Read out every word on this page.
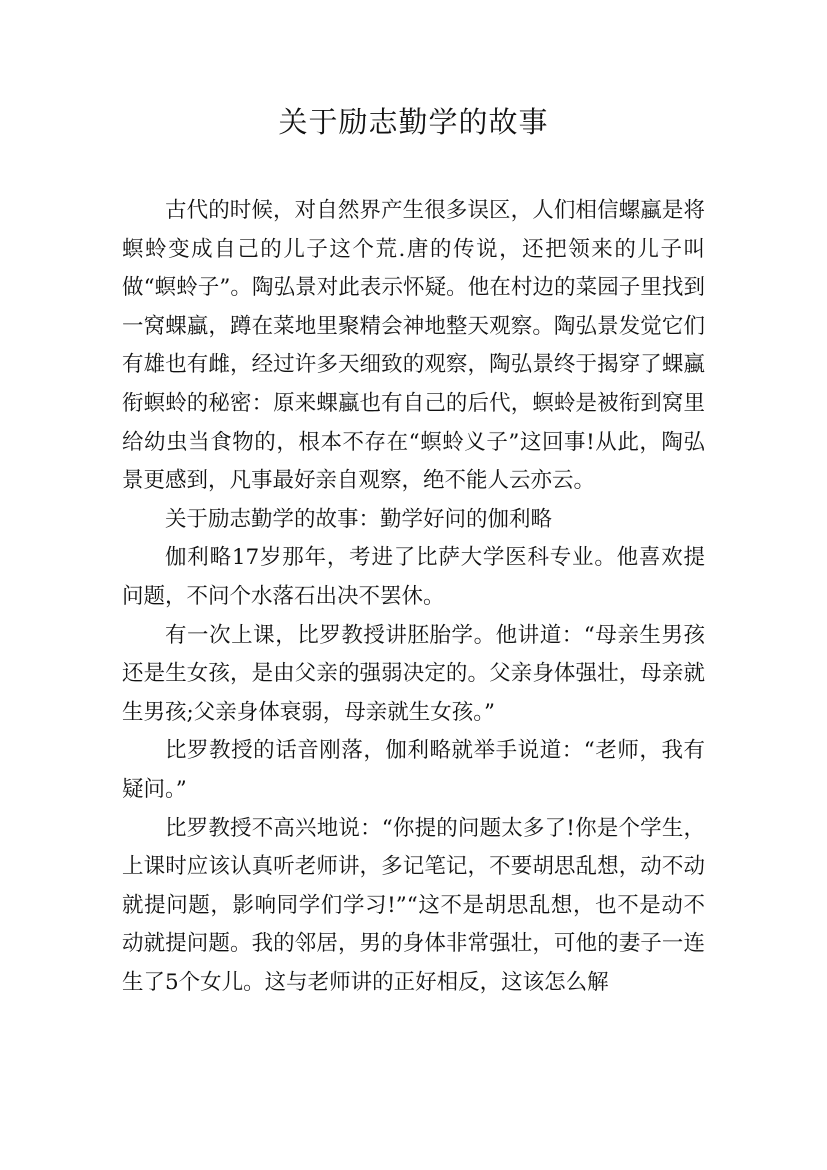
关于励志勤学的故事

古代的时候，对自然界产生很多误区，人们相信螺蠃是将螟蛉变成自己的儿子这个荒.唐的传说，还把领来的儿子叫做“螟蛉子”。陶弘景对此表示怀疑。他在村边的菜园子里找到一窝蜾蠃，蹲在菜地里聚精会神地整天观察。陶弘景发觉它们有雄也有雌，经过许多天细致的观察，陶弘景终于揭穿了蜾蠃衔螟蛉的秘密：原来蜾蠃也有自己的后代，螟蛉是被衔到窝里给幼虫当食物的，根本不存在“螟蛉义子”这回事!从此，陶弘景更感到，凡事最好亲自观察，绝不能人云亦云。

关于励志勤学的故事：勤学好问的伽利略

伽利略17岁那年，考进了比萨大学医科专业。他喜欢提问题，不问个水落石出决不罢休。

有一次上课，比罗教授讲胚胎学。他讲道：“母亲生男孩还是生女孩，是由父亲的强弱决定的。父亲身体强壮，母亲就生男孩;父亲身体衰弱，母亲就生女孩。”

比罗教授的话音刚落，伽利略就举手说道：“老师，我有疑问。”

比罗教授不高兴地说：“你提的问题太多了!你是个学生，上课时应该认真听老师讲，多记笔记，不要胡思乱想，动不动就提问题，影响同学们学习!”“这不是胡思乱想，也不是动不动就提问题。我的邻居，男的身体非常强壮，可他的妻子一连生了5个女儿。这与老师讲的正好相反，这该怎么解
